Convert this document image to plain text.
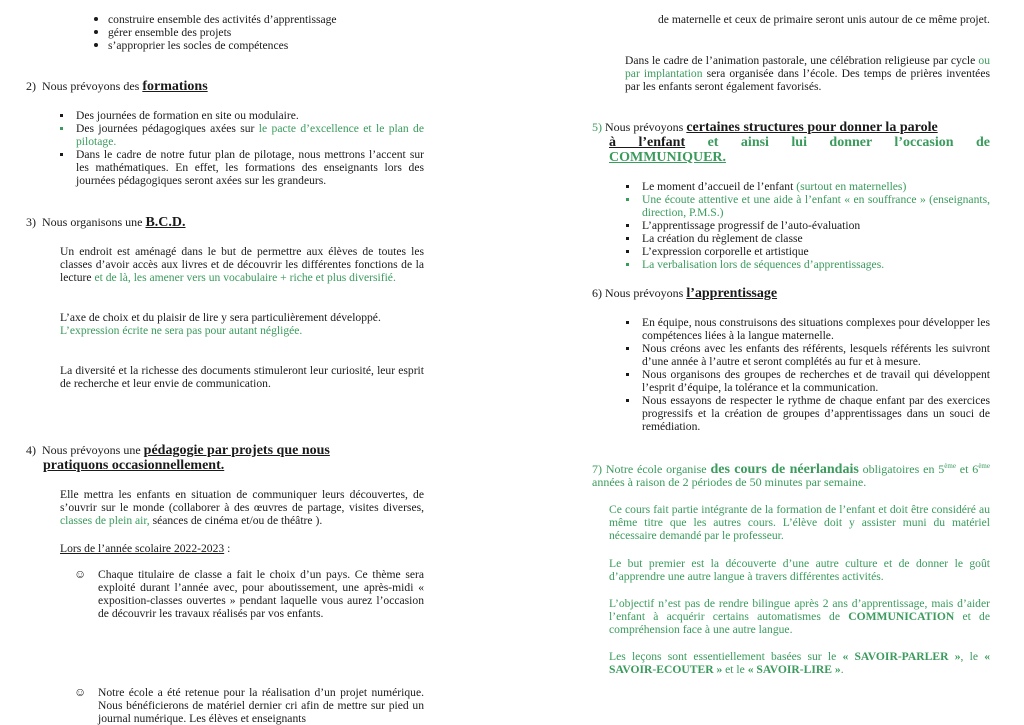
construire ensemble des activités d’apprentissage
gérer ensemble des projets
s’approprier les socles de compétences
2) Nous prévoyons des formations
Des journées de formation en site ou modulaire.
Des journées pédagogiques axées sur le pacte d’excellence et le plan de pilotage.
Dans le cadre de notre futur plan de pilotage, nous mettrons l’accent sur les mathématiques. En effet, les formations des enseignants lors des journées pédagogiques seront axées sur les grandeurs.
3) Nous organisons une B.C.D.
Un endroit est aménagé dans le but de permettre aux élèves de toutes les classes d’avoir accès aux livres et de découvrir les différentes fonctions de la lecture et de là, les amener vers un vocabulaire + riche et plus diversifié.
L’axe de choix et du plaisir de lire y sera particulièrement développé.
L’expression écrite ne sera pas pour autant négligée.
La diversité et la richesse des documents stimuleront leur curiosité, leur esprit de recherche et leur envie de communication.
4) Nous prévoyons une pédagogie par projets que nous
pratiquons occasionnellement.
Elle mettra les enfants en situation de communiquer leurs découvertes, de s’ouvrir sur le monde (collaborer à des œuvres de partage, visites diverses, classes de plein air, séances de cinéma et/ou de théâtre ).
Lors de l’année scolaire 2022-2023 :
☺ Chaque titulaire de classe a fait le choix d’un pays. Ce thème sera exploité durant l’année avec, pour aboutissement, une après-midi « exposition-classes ouvertes » pendant laquelle vous aurez l’occasion de découvrir les travaux réalisés par vos enfants.
☺ Notre école a été retenue pour la réalisation d’un projet numérique. Nous bénéficierons de matériel dernier cri afin de mettre sur pied un journal numérique. Les élèves et enseignants
de maternelle et ceux de primaire seront unis autour de ce même projet.
Dans le cadre de l’animation pastorale, une célébration religieuse par cycle ou par implantation sera organisée dans l’école. Des temps de prières inventées par les enfants seront également favorisés.
5) Nous prévoyons certaines structures pour donner la parole
à l’enfant et ainsi lui donner l’occasion de
COMMUNIQUER.
Le moment d’accueil de l’enfant (surtout en maternelles)
Une écoute attentive et une aide à l’enfant « en souffrance » (enseignants, direction, P.M.S.)
L’apprentissage progressif de l’auto-évaluation
La création du règlement de classe
L’expression corporelle et artistique
La verbalisation lors de séquences d’apprentissages.
6) Nous prévoyons l’apprentissage
En équipe, nous construisons des situations complexes pour développer les compétences liées à la langue maternelle.
Nous créons avec les enfants des référents, lesquels référents les suivront d’une année à l’autre et seront complétés au fur et à mesure.
Nous organisons des groupes de recherches et de travail qui développent l’esprit d’équipe, la tolérance et la communication.
Nous essayons de respecter le rythme de chaque enfant par des exercices progressifs et la création de groupes d’apprentissages dans un souci de remédiation.
7) Notre école organise des cours de néerlandais obligatoires en 5ème et 6ème années à raison de 2 périodes de 50 minutes par semaine.
Ce cours fait partie intégrante de la formation de l’enfant et doit être considéré au même titre que les autres cours. L’élève doit y assister muni du matériel nécessaire demandé par le professeur.
Le but premier est la découverte d’une autre culture et de donner le goût d’apprendre une autre langue à travers différentes activités.
L’objectif n’est pas de rendre bilingue après 2 ans d’apprentissage, mais d’aider l’enfant à acquérir certains automatismes de COMMUNICATION et de compréhension face à une autre langue.
Les leçons sont essentiellement basées sur le « SAVOIR-PARLER », le « SAVOIR-ECOUTER » et le « SAVOIR-LIRE ».
